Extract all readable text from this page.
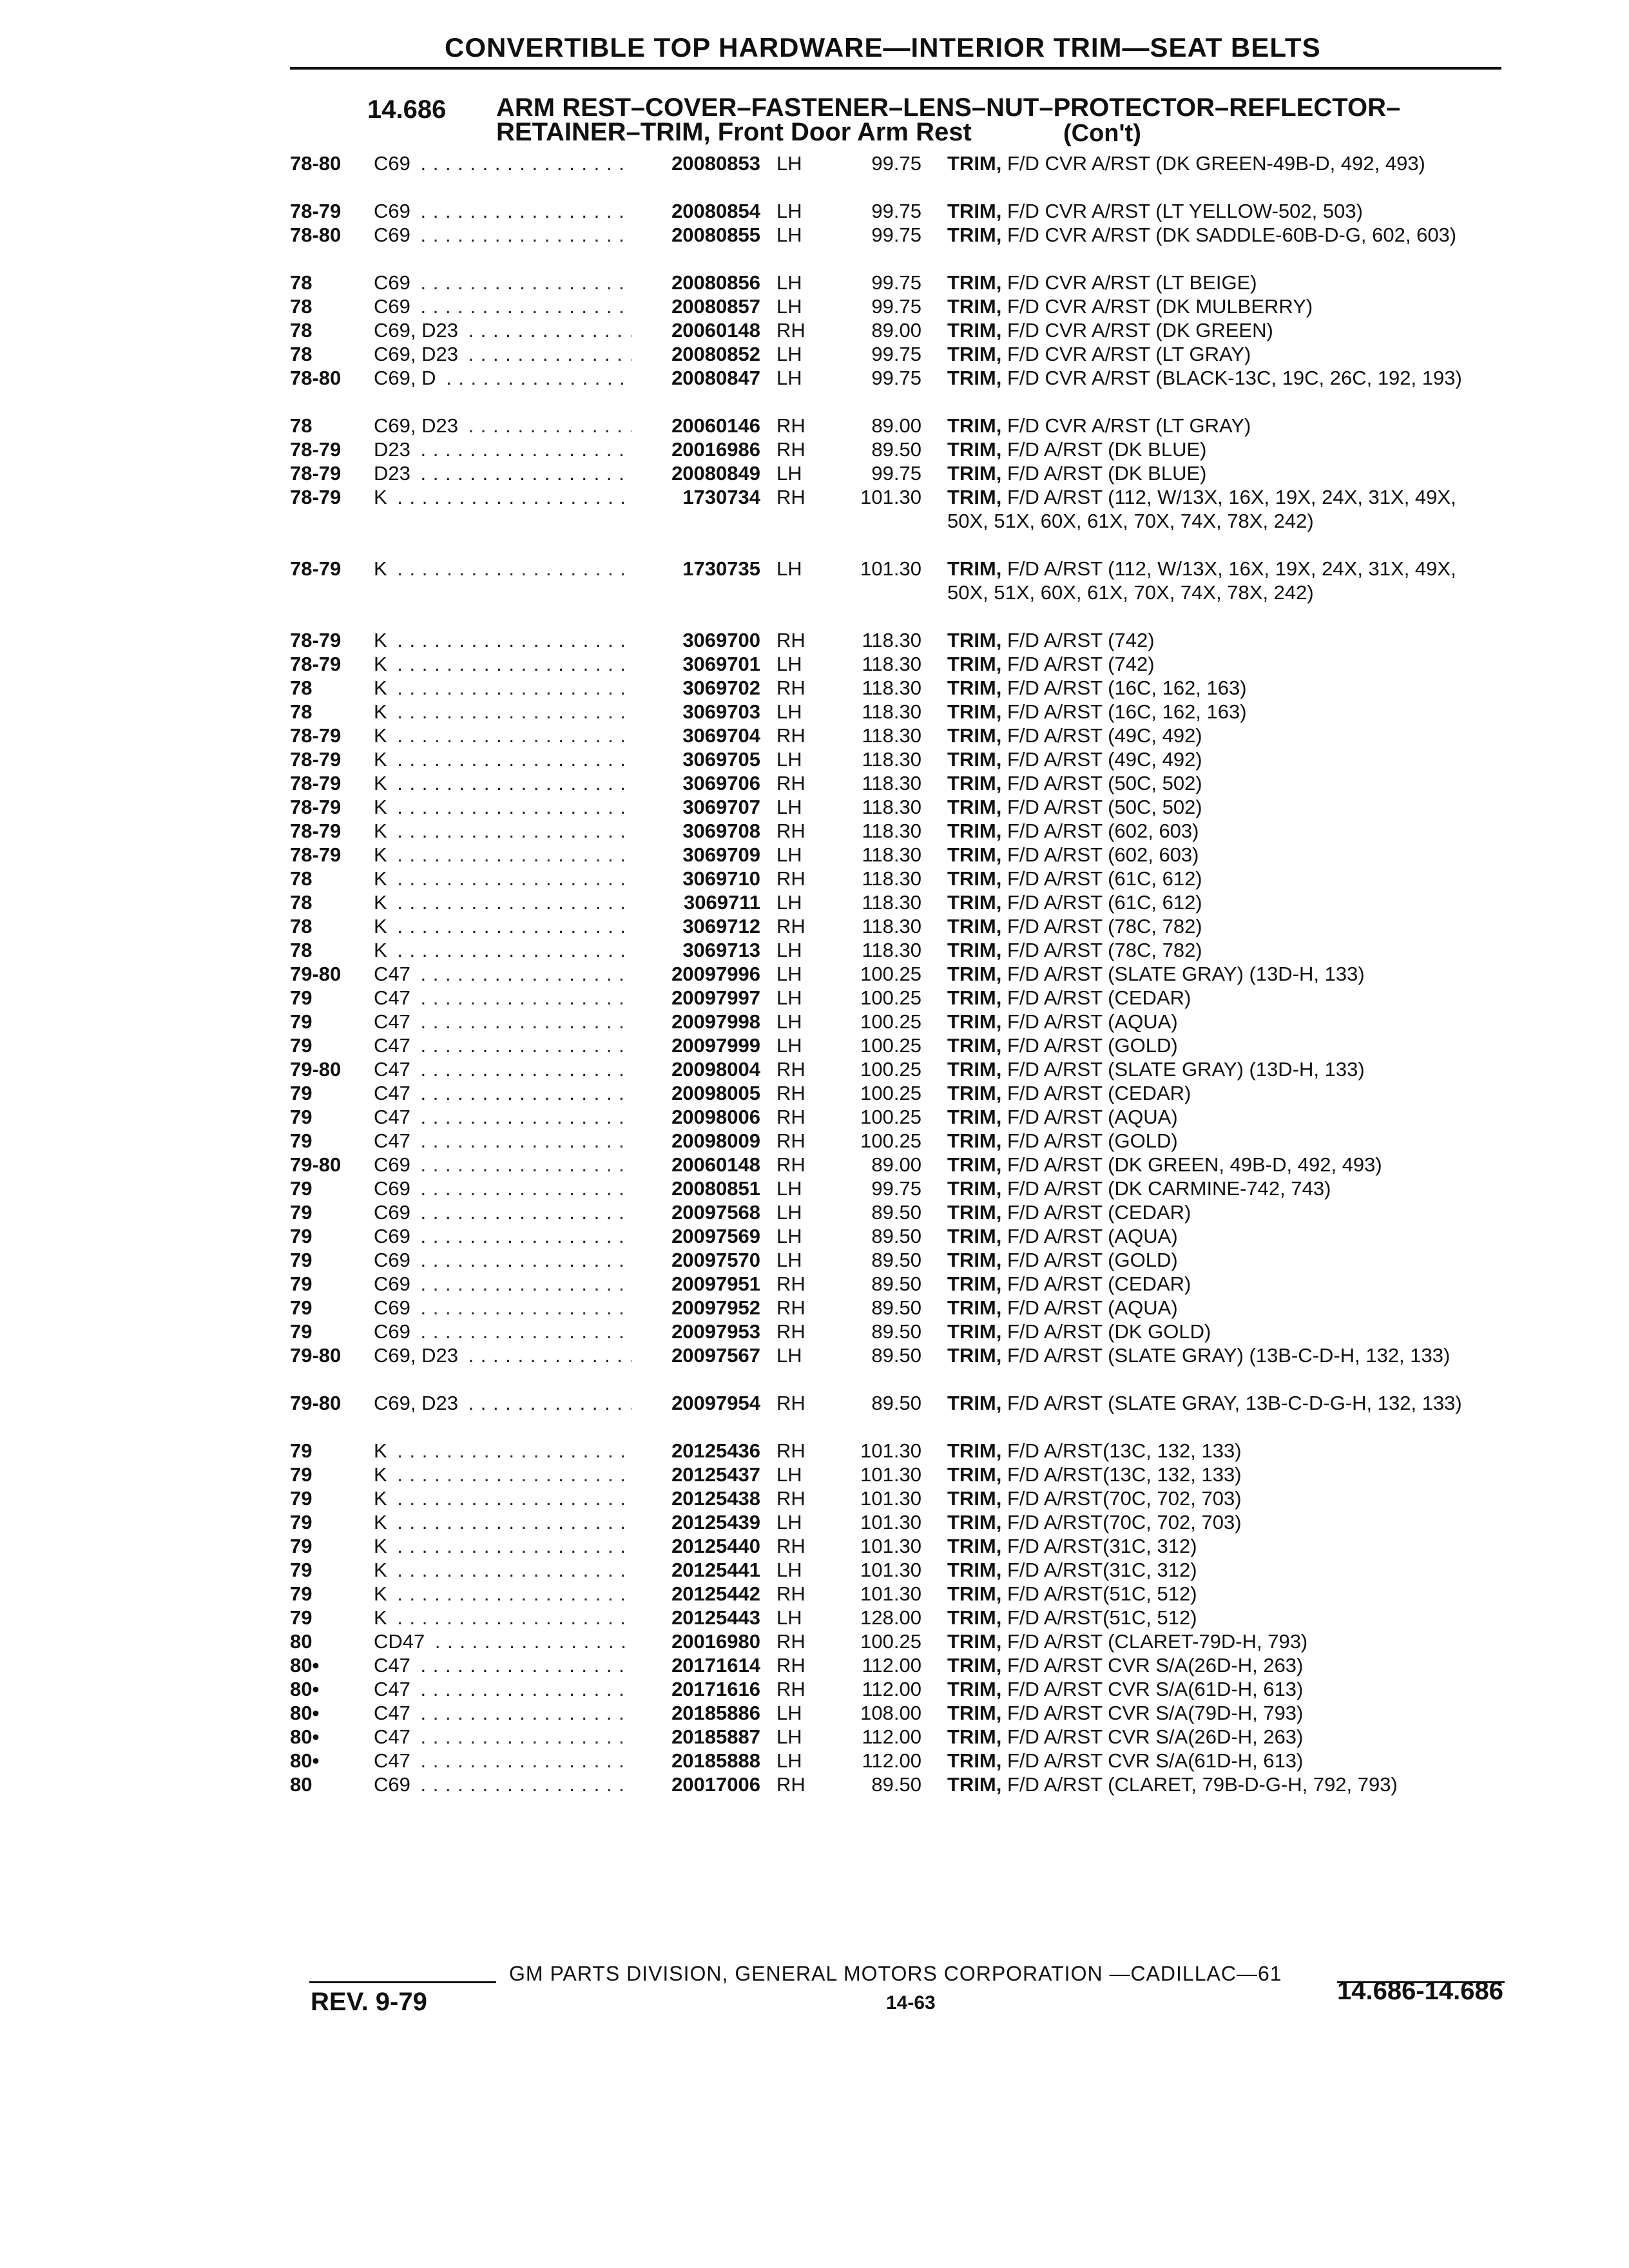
CONVERTIBLE TOP HARDWARE—INTERIOR TRIM—SEAT BELTS
14.686 ARM REST–COVER–FASTENER–LENS–NUT–PROTECTOR–REFLECTOR–
RETAINER–TRIM, Front Door Arm Rest	(Con't)
78-80	C69 . . .	20080853 LH	99.75 TRIM, F/D CVR A/RST (DK GREEN-49B-D, 492, 493)
78-79	C69 . . .	20080854 LH	99.75 TRIM, F/D CVR A/RST (LT YELLOW-502, 503)
78-80	C69 . . .	20080855 LH	99.75 TRIM, F/D CVR A/RST (DK SADDLE-60B-D-G, 602, 603)
78	C69 . . .	20080856 LH	99.75 TRIM, F/D CVR A/RST (LT BEIGE)
78	C69 . . .	20080857 LH	99.75 TRIM, F/D CVR A/RST (DK MULBERRY)
78	C69, D23 . . .	20060148 RH	89.00 TRIM, F/D CVR A/RST (DK GREEN)
78	C69, D23 . . .	20080852 LH	99.75 TRIM, F/D CVR A/RST (LT GRAY)
78-80	C69, D . . .	20080847 LH	99.75 TRIM, F/D CVR A/RST (BLACK-13C, 19C, 26C, 192, 193)
78	C69, D23 . . .	20060146 RH	89.00 TRIM, F/D CVR A/RST (LT GRAY)
78-79	D23 . . .	20016986 RH	89.50 TRIM, F/D A/RST (DK BLUE)
78-79	D23 . . .	20080849 LH	99.75 TRIM, F/D A/RST (DK BLUE)
78-79	K . . .	1730734 RH	101.30 TRIM, F/D A/RST (112, W/13X, 16X, 19X, 24X, 31X, 49X, 50X, 51X, 60X, 61X, 70X, 74X, 78X, 242)
78-79	K . . .	1730735 LH	101.30 TRIM, F/D A/RST (112, W/13X, 16X, 19X, 24X, 31X, 49X, 50X, 51X, 60X, 61X, 70X, 74X, 78X, 242)
78-79	K . . .	3069700 RH	118.30 TRIM, F/D A/RST (742)
78-79	K . . .	3069701 LH	118.30 TRIM, F/D A/RST (742)
78	K . . .	3069702 RH	118.30 TRIM, F/D A/RST (16C, 162, 163)
78	K . . .	3069703 LH	118.30 TRIM, F/D A/RST (16C, 162, 163)
78-79	K . . .	3069704 RH	118.30 TRIM, F/D A/RST (49C, 492)
78-79	K . . .	3069705 LH	118.30 TRIM, F/D A/RST (49C, 492)
78-79	K . . .	3069706 RH	118.30 TRIM, F/D A/RST (50C, 502)
78-79	K . . .	3069707 LH	118.30 TRIM, F/D A/RST (50C, 502)
78-79	K . . .	3069708 RH	118.30 TRIM, F/D A/RST (602, 603)
78-79	K . . .	3069709 LH	118.30 TRIM, F/D A/RST (602, 603)
78	K . . .	3069710 RH	118.30 TRIM, F/D A/RST (61C, 612)
78	K . . .	3069711 LH	118.30 TRIM, F/D A/RST (61C, 612)
78	K . . .	3069712 RH	118.30 TRIM, F/D A/RST (78C, 782)
78	K . . .	3069713 LH	118.30 TRIM, F/D A/RST (78C, 782)
79-80	C47 . . .	20097996 LH	100.25 TRIM, F/D A/RST (SLATE GRAY) (13D-H, 133)
79	C47 . . .	20097997 LH	100.25 TRIM, F/D A/RST (CEDAR)
79	C47 . . .	20097998 LH	100.25 TRIM, F/D A/RST (AQUA)
79	C47 . . .	20097999 LH	100.25 TRIM, F/D A/RST (GOLD)
79-80	C47 . . .	20098004 RH	100.25 TRIM, F/D A/RST (SLATE GRAY) (13D-H, 133)
79	C47 . . .	20098005 RH	100.25 TRIM, F/D A/RST (CEDAR)
79	C47 . . .	20098006 RH	100.25 TRIM, F/D A/RST (AQUA)
79	C47 . . .	20098009 RH	100.25 TRIM, F/D A/RST (GOLD)
79-80	C69 . . .	20060148 RH	89.00 TRIM, F/D A/RST (DK GREEN, 49B-D, 492, 493)
79	C69 . . .	20080851 LH	99.75 TRIM, F/D A/RST (DK CARMINE-742, 743)
79	C69 . . .	20097568 LH	89.50 TRIM, F/D A/RST (CEDAR)
79	C69 . . .	20097569 LH	89.50 TRIM, F/D A/RST (AQUA)
79	C69 . . .	20097570 LH	89.50 TRIM, F/D A/RST (GOLD)
79	C69 . . .	20097951 RH	89.50 TRIM, F/D A/RST (CEDAR)
79	C69 . . .	20097952 RH	89.50 TRIM, F/D A/RST (AQUA)
79	C69 . . .	20097953 RH	89.50 TRIM, F/D A/RST (DK GOLD)
79-80	C69, D23 . . .	20097567 LH	89.50 TRIM, F/D A/RST (SLATE GRAY) (13B-C-D-H, 132, 133)
79-80	C69, D23 . . .	20097954 RH	89.50 TRIM, F/D A/RST (SLATE GRAY, 13B-C-D-G-H, 132, 133)
79	K . . .	20125436 RH	101.30 TRIM, F/D A/RST(13C, 132, 133)
79	K . . .	20125437 LH	101.30 TRIM, F/D A/RST(13C, 132, 133)
79	K . . .	20125438 RH	101.30 TRIM, F/D A/RST(70C, 702, 703)
79	K . . .	20125439 LH	101.30 TRIM, F/D A/RST(70C, 702, 703)
79	K . . .	20125440 RH	101.30 TRIM, F/D A/RST(31C, 312)
79	K . . .	20125441 LH	101.30 TRIM, F/D A/RST(31C, 312)
79	K . . .	20125442 RH	101.30 TRIM, F/D A/RST(51C, 512)
79	K . . .	20125443 LH	128.00 TRIM, F/D A/RST(51C, 512)
80	CD47 . . .	20016980 RH	100.25 TRIM, F/D A/RST (CLARET-79D-H, 793)
80•	C47 . . .	20171614 RH	112.00 TRIM, F/D A/RST CVR S/A(26D-H, 263)
80•	C47 . . .	20171616 RH	112.00 TRIM, F/D A/RST CVR S/A(61D-H, 613)
80•	C47 . . .	20185886 LH	108.00 TRIM, F/D A/RST CVR S/A(79D-H, 793)
80•	C47 . . .	20185887 LH	112.00 TRIM, F/D A/RST CVR S/A(26D-H, 263)
80•	C47 . . .	20185888 LH	112.00 TRIM, F/D A/RST CVR S/A(61D-H, 613)
80	C69 . . .	20017006 RH	89.50 TRIM, F/D A/RST (CLARET, 79B-D-G-H, 792, 793)
GM PARTS DIVISION, GENERAL MOTORS CORPORATION —CADILLAC—61
REV. 9-79	14-63	14.686-14.686
